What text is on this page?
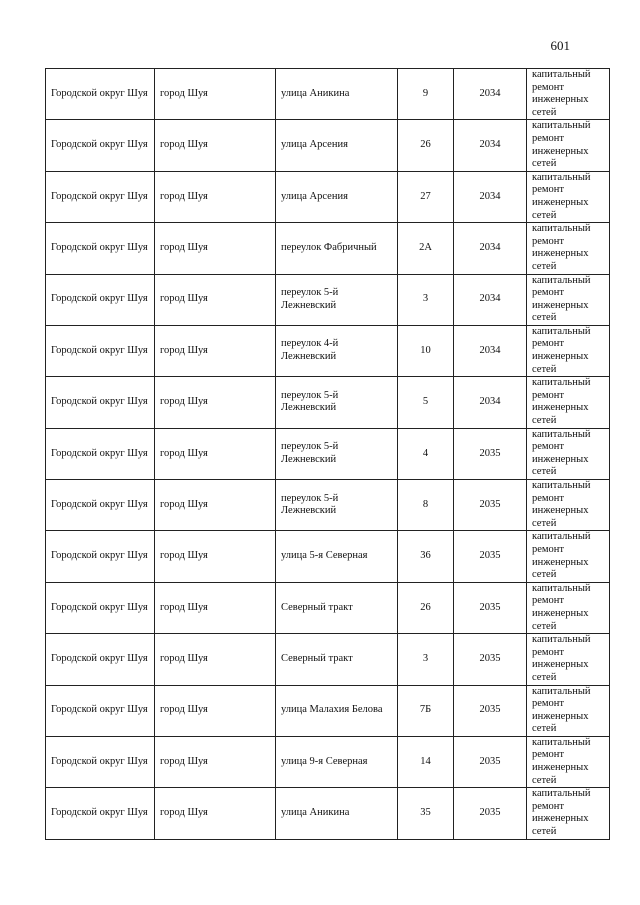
601
Городской округ Шуя	город Шуя	улица Аникина	9	2034	капитальный ремонт инженерных сетей
Городской округ Шуя	город Шуя	улица Арсения	26	2034	капитальный ремонт инженерных сетей
Городской округ Шуя	город Шуя	улица Арсения	27	2034	капитальный ремонт инженерных сетей
Городской округ Шуя	город Шуя	переулок Фабричный	2А	2034	капитальный ремонт инженерных сетей
Городской округ Шуя	город Шуя	переулок 5-й Лежневский	3	2034	капитальный ремонт инженерных сетей
Городской округ Шуя	город Шуя	переулок 4-й Лежневский	10	2034	капитальный ремонт инженерных сетей
Городской округ Шуя	город Шуя	переулок 5-й Лежневский	5	2034	капитальный ремонт инженерных сетей
Городской округ Шуя	город Шуя	переулок 5-й Лежневский	4	2035	капитальный ремонт инженерных сетей
Городской округ Шуя	город Шуя	переулок 5-й Лежневский	8	2035	капитальный ремонт инженерных сетей
Городской округ Шуя	город Шуя	улица 5-я Северная	36	2035	капитальный ремонт инженерных сетей
Городской округ Шуя	город Шуя	Северный тракт	26	2035	капитальный ремонт инженерных сетей
Городской округ Шуя	город Шуя	Северный тракт	3	2035	капитальный ремонт инженерных сетей
Городской округ Шуя	город Шуя	улица Малахия Белова	7Б	2035	капитальный ремонт инженерных сетей
Городской округ Шуя	город Шуя	улица 9-я Северная	14	2035	капитальный ремонт инженерных сетей
Городской округ Шуя	город Шуя	улица Аникина	35	2035	капитальный ремонт инженерных сетей
